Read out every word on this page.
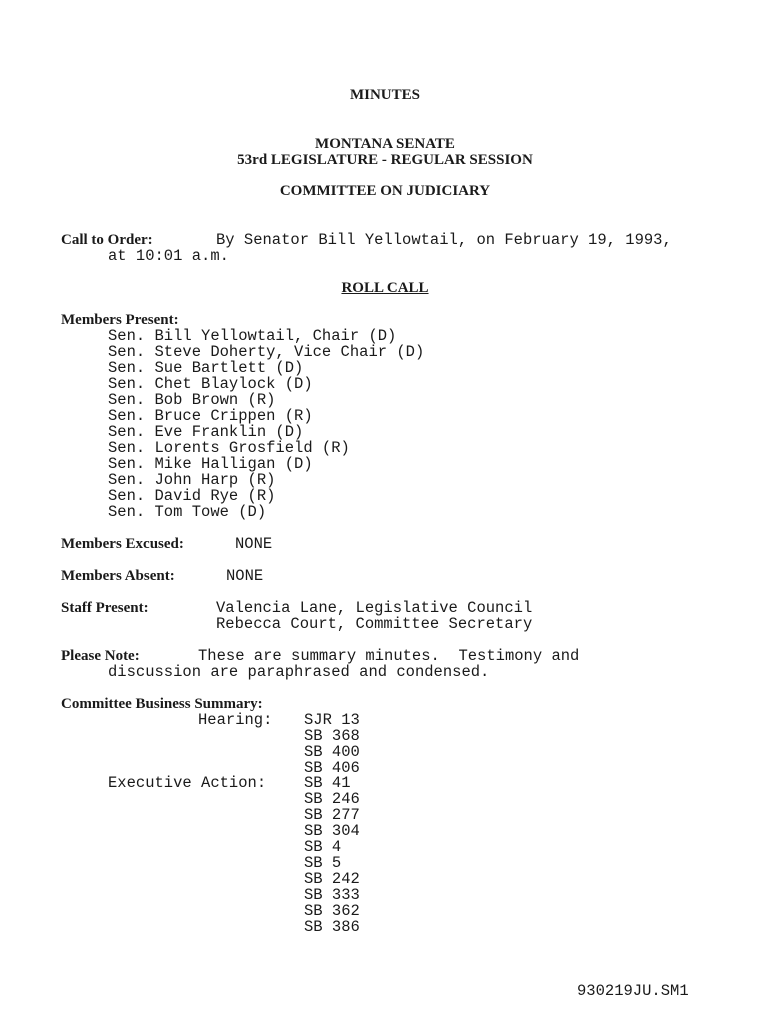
MINUTES
MONTANA SENATE
53rd LEGISLATURE - REGULAR SESSION
COMMITTEE ON JUDICIARY
Call to Order:	By Senator Bill Yellowtail, on February 19, 1993,
at 10:01 a.m.
ROLL CALL
Members Present:
Sen. Bill Yellowtail, Chair (D)
Sen. Steve Doherty, Vice Chair (D)
Sen. Sue Bartlett (D)
Sen. Chet Blaylock (D)
Sen. Bob Brown (R)
Sen. Bruce Crippen (R)
Sen. Eve Franklin (D)
Sen. Lorents Grosfield (R)
Sen. Mike Halligan (D)
Sen. John Harp (R)
Sen. David Rye (R)
Sen. Tom Towe (D)
Members Excused:	NONE
Members Absent:	NONE
Staff Present:	Valencia Lane, Legislative Council
Rebecca Court, Committee Secretary
Please Note:	These are summary minutes.  Testimony and
discussion are paraphrased and condensed.
Committee Business Summary:
Hearing: SJR 13
SB 368
SB 400
SB 406
Executive Action: SB 41
SB 246
SB 277
SB 304
SB 4
SB 5
SB 242
SB 333
SB 362
SB 386
930219JU.SM1
